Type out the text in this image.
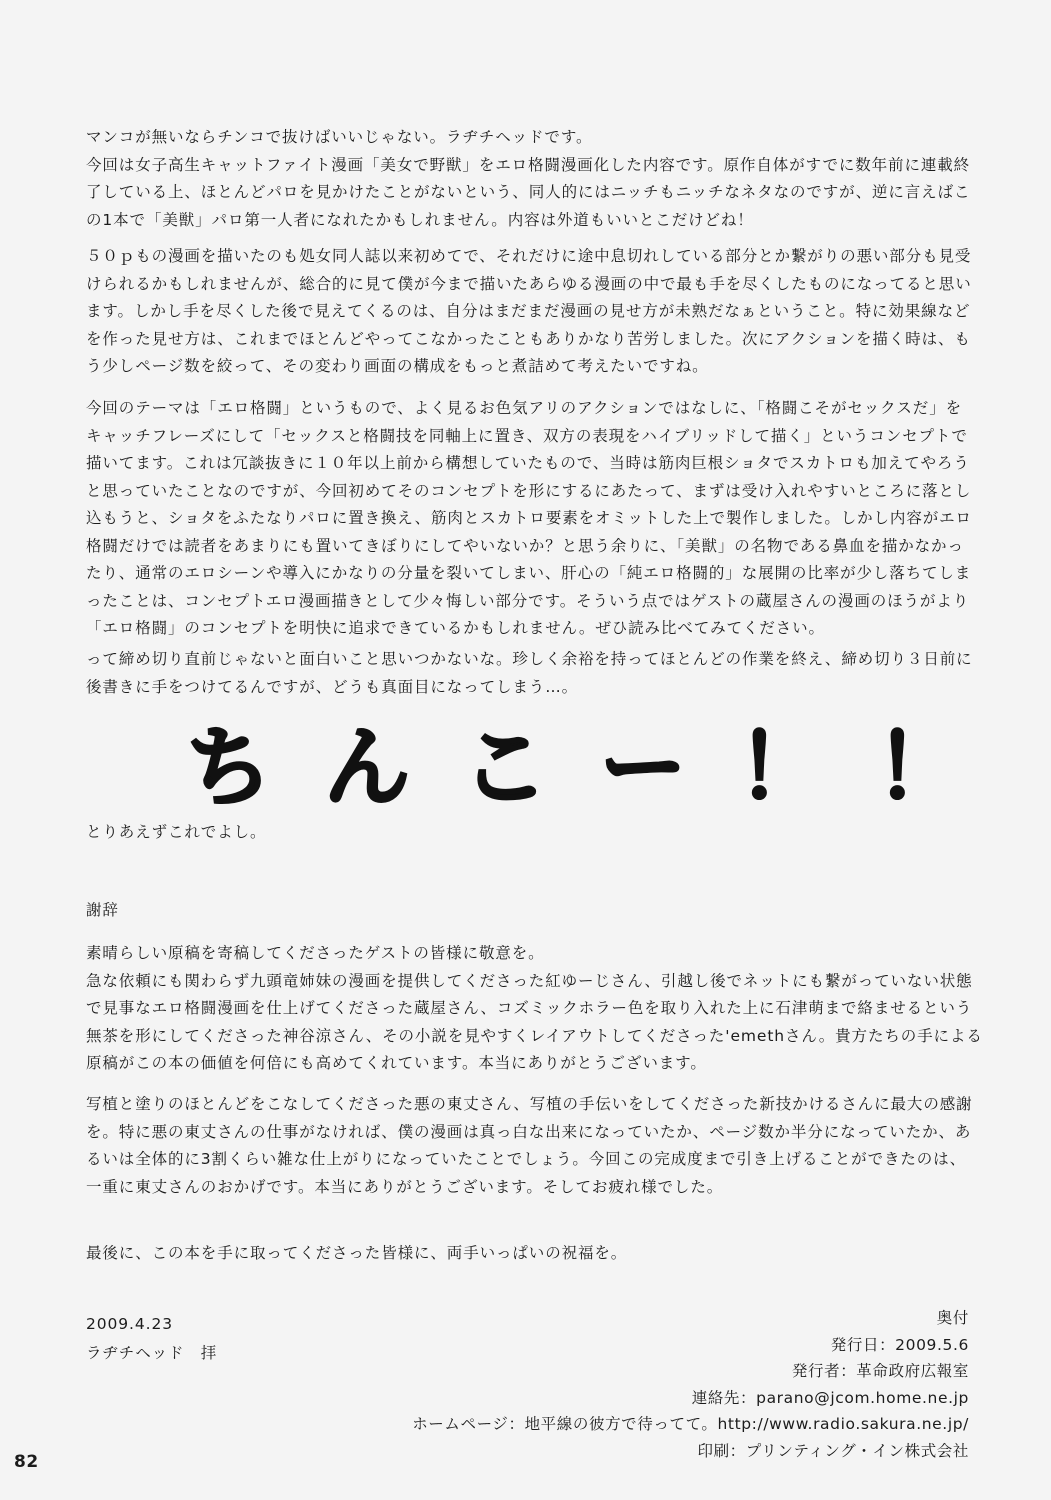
マンコが無いならチンコで抜けばいいじゃない。ラヂチヘッドです。
今回は女子高生キャットファイト漫画「美女で野獣」をエロ格闘漫画化した内容です。原作自体がすでに数年前に連載終
了している上、ほとんどパロを見かけたことがないという、同人的にはニッチもニッチなネタなのですが、逆に言えばこ
の1本で「美獣」パロ第一人者になれたかもしれません。内容は外道もいいとこだけどね！
５０ｐもの漫画を描いたのも処女同人誌以来初めてで、それだけに途中息切れしている部分とか繋がりの悪い部分も見受
けられるかもしれませんが、総合的に見て僕が今まで描いたあらゆる漫画の中で最も手を尽くしたものになってると思い
ます。しかし手を尽くした後で見えてくるのは、自分はまだまだ漫画の見せ方が未熟だなぁということ。特に効果線など
を作った見せ方は、これまでほとんどやってこなかったこともありかなり苦労しました。次にアクションを描く時は、も
う少しページ数を絞って、その変わり画面の構成をもっと煮詰めて考えたいですね。
今回のテーマは「エロ格闘」というもので、よく見るお色気アリのアクションではなしに、「格闘こそがセックスだ」を
キャッチフレーズにして「セックスと格闘技を同軸上に置き、双方の表現をハイブリッドして描く」というコンセプトで
描いてます。これは冗談抜きに１０年以上前から構想していたもので、当時は筋肉巨根ショタでスカトロも加えてやろう
と思っていたことなのですが、今回初めてそのコンセプトを形にするにあたって、まずは受け入れやすいところに落とし
込もうと、ショタをふたなりパロに置き換え、筋肉とスカトロ要素をオミットした上で製作しました。しかし内容がエロ
格闘だけでは読者をあまりにも置いてきぼりにしてやいないか？と思う余りに、「美獣」の名物である鼻血を描かなかっ
たり、通常のエロシーンや導入にかなりの分量を裂いてしまい、肝心の「純エロ格闘的」な展開の比率が少し落ちてしま
ったことは、コンセプトエロ漫画描きとして少々悔しい部分です。そういう点ではゲストの蔵屋さんの漫画のほうがより
「エロ格闘」のコンセプトを明快に追求できているかもしれません。ぜひ読み比べてみてください。
って締め切り直前じゃないと面白いこと思いつかないな。珍しく余裕を持ってほとんどの作業を終え、締め切り３日前に
後書きに手をつけてるんですが、どうも真面目になってしまう…。
ちんこー！！
とりあえずこれでよし。
謝辞
素晴らしい原稿を寄稿してくださったゲストの皆様に敬意を。
急な依頼にも関わらず九頭竜姉妹の漫画を提供してくださった紅ゆーじさん、引越し後でネットにも繋がっていない状態
で見事なエロ格闘漫画を仕上げてくださった蔵屋さん、コズミックホラー色を取り入れた上に石津萌まで絡ませるという
無茶を形にしてくださった神谷涼さん、その小説を見やすくレイアウトしてくださった'emethさん。貴方たちの手による
原稿がこの本の価値を何倍にも高めてくれています。本当にありがとうございます。
写植と塗りのほとんどをこなしてくださった悪の東丈さん、写植の手伝いをしてくださった新技かけるさんに最大の感謝
を。特に悪の東丈さんの仕事がなければ、僕の漫画は真っ白な出来になっていたか、ページ数か半分になっていたか、あ
るいは全体的に3割くらい雑な仕上がりになっていたことでしょう。今回この完成度まで引き上げることができたのは、
一重に東丈さんのおかげです。本当にありがとうございます。そしてお疲れ様でした。
最後に、この本を手に取ってくださった皆様に、両手いっぱいの祝福を。
2009.4.23
ラヂチヘッド　拝
奥付
発行日：2009.5.6
発行者：革命政府広報室
連絡先：parano@jcom.home.ne.jp
ホームページ：地平線の彼方で待ってて。http://www.radio.sakura.ne.jp/
印刷：プリンティング・イン株式会社
82
